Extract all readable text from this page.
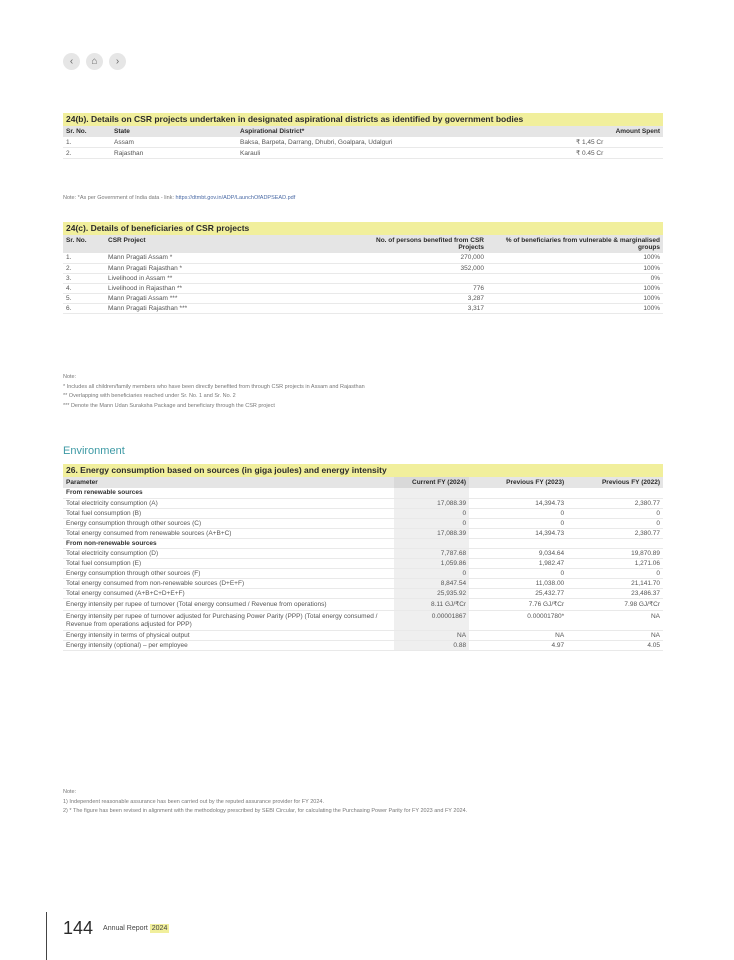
‹	⌂	›
24(b). Details on CSR projects undertaken in designated aspirational districts as identified by government bodies
Sr. No.	State	Aspirational District*	Amount Spent
1.	Assam	Baksa, Barpeta, Darrang, Dhubri, Goalpara, Udalguri	₹ 1,45 Cr
2.	Rajasthan	Karauli	₹ 0.45 Cr
Note: *As per Government of India data - link: https://dtmbt.gov.in/ADP/LaunchOfADPSEAD.pdf
24(c). Details of beneficiaries of CSR projects
Sr. No.	CSR Project	No. of persons benefited from CSR Projects	% of beneficiaries from vulnerable & marginalised groups
1.	Mann Pragati Assam *	270,000	100%
2.	Mann Pragati Rajasthan *	352,000	100%
3.	Livelihood in Assam **		0%
4.	Livelihood in Rajasthan **	776	100%
5.	Mann Pragati Assam ***	3,287	100%
6.	Mann Pragati Rajasthan ***	3,317	100%
Note:
* Includes all children/family members who have been directly benefited from through CSR projects in Assam and Rajasthan
** Overlapping with beneficiaries reached under Sr. No. 1 and Sr. No. 2
*** Denote the Mann Udan Suraksha Package and beneficiary through the CSR project
Environment
26. Energy consumption based on sources (in giga joules) and energy intensity
Parameter	Current FY (2024)	Previous FY (2023)	Previous FY (2022)
From renewable sources			
Total electricity consumption (A)	17,088.39	14,394.73	2,380.77
Total fuel consumption (B)	0	0	0
Energy consumption through other sources (C)	0	0	0
Total energy consumed from renewable sources (A+B+C)	17,088.39	14,394.73	2,380.77
From non-renewable sources			
Total electricity consumption (D)	7,787.68	9,034.64	19,870.89
Total fuel consumption (E)	1,059.86	1,982.47	1,271.06
Energy consumption through other sources (F)	0	0	0
Total energy consumed from non-renewable sources (D+E+F)	8,847.54	11,038.00	21,141.70
Total energy consumed (A+B+C+D+E+F)	25,935.92	25,432.77	23,486.37
Energy intensity per rupee of turnover (Total energy consumed / Revenue from operations)	8.11 GJ/₹Cr	7.76 GJ/₹Cr	7.98 GJ/₹Cr
Energy intensity per rupee of turnover adjusted for Purchasing Power Parity (PPP) (Total energy consumed / Revenue from operations adjusted for PPP)	0.00001867	0.00001780*	NA
Energy intensity in terms of physical output	NA	NA	NA
Energy intensity (optional) – per employee	0.88	4.97	4.05
Note:
1) Independent reasonable assurance has been carried out by the reputed assurance provider for FY 2024.
2) * The figure has been revised in alignment with the methodology prescribed by SEBI Circular, for calculating the Purchasing Power Parity for FY 2023 and FY 2024.
144 Annual Report 2024
